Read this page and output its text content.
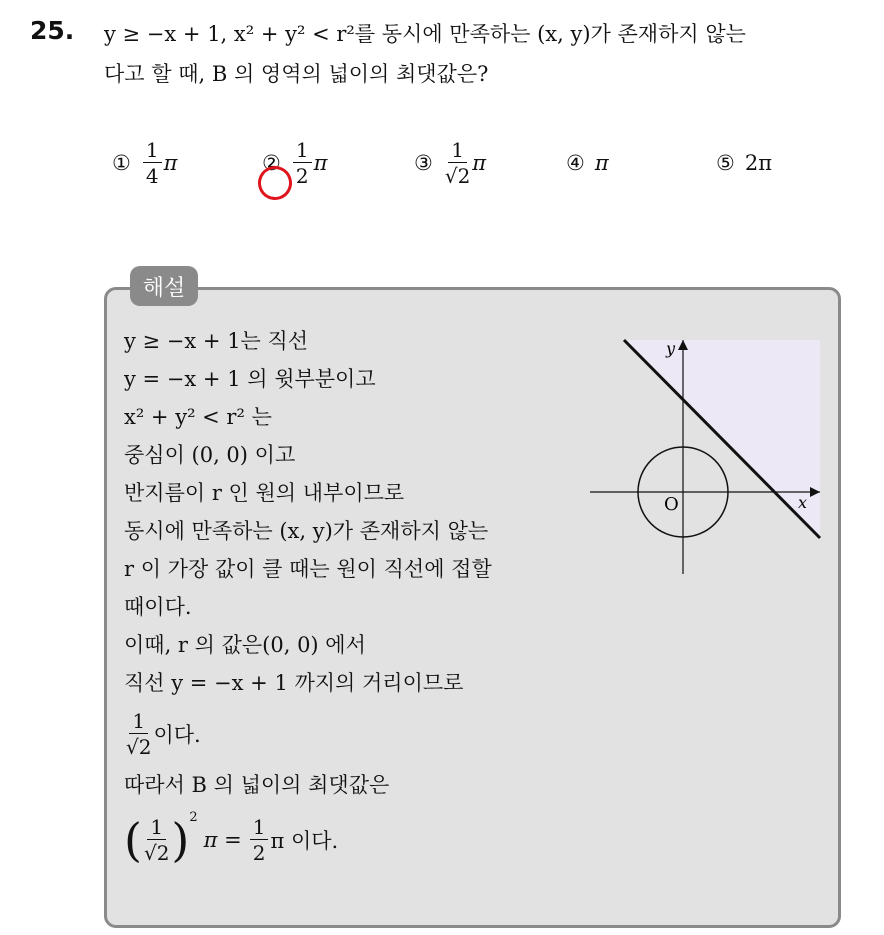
25. y ≥ −x + 1, x² + y² < r²를 동시에 만족하는 (x, y)가 존재하지 않는
다고 할 때, B 의 영역의 넓이의 최댓값은?
① $\frac{1}{4}$ π	② $\frac{1}{2}$ π	③ $\frac{1}{√2}$ π	④ π	⑤ 2π
해설
y ≥ −x + 1는 직선
y = −x + 1 의 윗부분이고
x² + y² < r² 는
중심이 (0, 0) 이고
반지름이 r 인 원의 내부이므로
동시에 만족하는 (x, y)가 존재하지 않는
r 이 가장 값이 클 때는 원이 직선에 접할
때이다.
이때, r 의 값은(0, 0) 에서
직선 y = −x + 1 까지의 거리이므로
$\frac{1}{√2}$ 이다.
따라서 B 의 넓이의 최댓값은
( $\frac{1}{√2} )^2$
$\pi = \frac{1}{2}$ π 이다.
x
y
O
